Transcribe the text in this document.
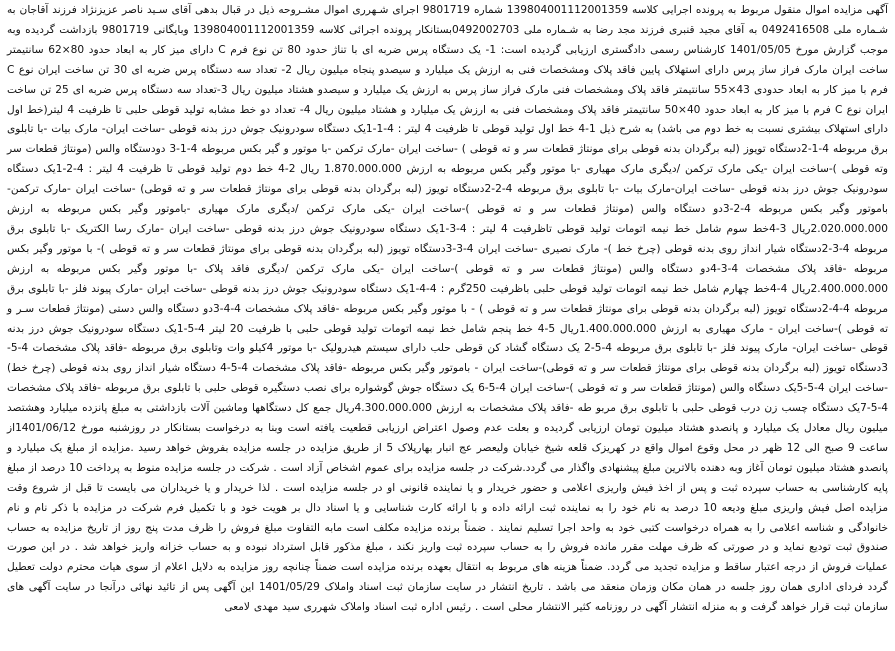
آگهی مزایده اموال منقول مربوط به پرونده اجرایی کلاسه 139804001112001359 شماره 9801719 اجرای شـهرری اموال مشـروحه ذیل در قبال بدهی آقای سـید ناصر عزیزنژاد فرزند آقاجان به شـماره ملی 0492416508 به آقای مجید قنبری فرزند مجد رضا به شـماره ملی 0492002703بستانکار پرونده اجرائی کلاسه 139804001112001359 وبایگانی 9801719 بازداشت گردیده وبه موجب گزارش مورخ 1401/05/05 کارشناس رسمی دادگستری ارزیابی گردیده است: 1- یک دستگاه پرس ضربه ای با تناژ حدود 80 تن نوع فرم C دارای میز کار به ابعاد حدود 80×62 سانتیمتر ساخت ایران مارک فراز ساز پرس دارای استهلاک پایین فاقد پلاک ومشخصات فنی به ارزش یک میلیارد و سیصدو پنجاه میلیون ریال 2- تعداد سه دستگاه پرس ضربه ای 30 تن ساخت ایران نوع C فرم با میز کار به ابعاد حدودی 43×55 سانتیمتر فاقد پلاک ومشخصات فنی مارک فراز ساز پرس به ارزش یک میلیارد و سیصدو هشتاد میلیون ریال 3-تعداد سه دستگاه پرس ضربه ای 25 تن ساخت ایران نوع C فرم با میز کار به ابعاد حدود 40×50 سانتیمتر فاقد پلاک ومشخصات فنی به ارزش یک میلیارد و هشتاد میلیون ریال 4- تعداد دو خط مشابه تولید قوطی حلبی تا ظرفیت 4 لیتر(خط اول دارای استهلاک بیشتری نسبت به خط دوم می باشد) به شرح ذیل 1-4 خط اول تولید قوطی تا ظرفیت 4 لیتر : 4-1-1یک دستگاه سودرونیک جوش درز بدنه قوطی -ساخت ایران- مارک بیات -با تابلوی برق مربوطه 4-1-2دستگاه تویوز (لبه برگردان بدنه قوطی برای مونتاژ قطعات سر و ته قوطی ) -ساخت ایران -مارک ترکمن -با موتور و گیر بکس مربوطه 4-1-3 دودستگاه والس (مونتاژ قطعات سر وته قوطی )-ساخت ایران -یکی مارک ترکمن /دیگری مارک مهیاری -با موتور وگیر بکس مربوطه به ارزش 1.870.000.000 ریال 2-4 خط دوم تولید قوطی تا ظرفیت 4 لیتر : 4-2-1یک دستگاه سودرونیک جوش درز بدنه قوطی -ساخت ایران-مارک بیات -با تابلوی برق مربوطه 4-2-2دستگاه تویوز (لبه برگردان بدنه قوطی برای مونتاژ قطعات سر و ته قوطی) -ساخت ایران -مارک ترکمن- باموتور وگیر بکس مربوطه 4-2-3دو دستگاه والس (مونتاژ قطعات سر و ته قوطی )-ساخت ایران -یکی مارک ترکمن /دیگری مارک مهیاری -باموتور وگیر بکس مربوطه به ارزش 2.020.000.000ریال 3-4خط سوم شامل خط نیمه اتومات تولید قوطی تاظرفیت 4 لیتر : 4-3-1یک دستگاه سودرونیک جوش درز بدنه قوطی -ساخت ایران -مارک رسا الکتریک -با تابلوی برق مربوطه 4-3-2دستگاه شیار انداز روی بدنه قوطی (چرخ خط )- مارک نصیری -ساخت ایران 4-3-3دستگاه تویوز (لبه برگردان بدنه قوطی برای مونتاژ قطعات سر و ته قوطی )- با موتور وگیر بکس مربوطه -فاقد پلاک مشخصات 4-3-4دو دستگاه والس (مونتاژ قطعات سر و ته قوطی )-ساخت ایران -یکی مارک ترکمن /دیگری فاقد پلاک -با موتور وگیر بکس مربوطه به ارزش 2.400.000.000ریال 4-4خط چهارم شامل خط نیمه اتومات تولید قوطی حلبی باظرفیت 250گرم : 4-4-1یک دستگاه سودرونیک جوش درز بدنه قوطی -ساخت ایران -مارک پیوند فلز -با تابلوی برق مربوطه 4-4-2دستگاه تویوز (لبه برگردان بدنه قوطی برای مونتاژ قطعات سر و ته قوطی ) - با موتور وگیر بکس مربوطه -فاقد پلاک مشخصات 4-4-3دو دستگاه والس دستی (مونتاژ قطعات سـر و ته قوطی )-ساخت ایران - مارک مهیاری به ارزش 1.400.000.000ریال 5-4 خط پنجم شامل خط نیمه اتومات تولید قوطی حلبی با ظرفیت 20 لیتر 4-5-1یک دستگاه سودرونیک جوش درز بدنه قوطی -ساخت ایران- مارک پیوند فلز -با تابلوی برق مربوطه 4-5-2 یک دستگاه گشاد کن قوطی حلب دارای سیستم هیدرولیک -با موتور 4کیلو وات وتابلوی برق مربوطه -فاقد پلاک مشخصات 4-5-3دستگاه تویوز (لبه برگردان بدنه قوطی برای مونتاژ قطعات سر و ته قوطی)-ساخت ایران - باموتور وگیر بکس مربوطه -فاقد پلاک مشخصات 4-5-4 دستگاه شیار انداز روی بدنه قوطی (چرخ خط) -ساخت ایران 4-5-5یک دستگاه والس (مونتاژ قطعات سر و ته قوطی )-ساخت ایران 4-5-6 یک دستگاه جوش گوشواره برای نصب دستگیره قوطی حلبی با تابلوی برق مربوطه -فاقد پلاک مشخصات 4-5-7یک دستگاه چسب زن درب قوطی حلبی با تابلوی برق مربو طه -فاقد پلاک مشخصات به ارزش 4.300.000.000ریال جمع کل دستگاهها وماشین آلات بازداشتی به مبلغ پانزده میلیارد وهشتصد میلیون ریال معادل یک میلیارد و پانصدو هشتاد میلیون تومان ارزیابی گردیده و بعلت عدم وصول اعتراض ارزیابی قطعیت یافته است وبنا به درخواست بستانکار در روزشنبه مورخ 1401/06/12از ساعت 9 صبح الی 12 ظهر در محل وقوع اموال واقع در کهریزک قلعه شیخ خیابان ولیعصر عج انبار بهارپلاک 5 از طریق مزایده در جلسه مزایده بفروش خواهد رسید .مزایده از مبلغ یک میلیارد و پانصدو هشتاد میلیون تومان آغاز وبه دهنده بالاترین مبلغ پیشنهادی واگذار می گردد.شرکت در جلسه مزایده برای عموم اشخاص آزاد است . شرکت در جلسه مزایده منوط به پرداخت 10 درصد از مبلغ پایه کارشناسی به حساب سپرده ثبت و پس از اخذ فیش واریزی اعلامی و حضور خریدار و یا نماینده قانونی او در جلسه مزایده است . لذا خریدار و یا خریداران می بایست تا قبل از شروع وقت مزایده اصل فیش واریزی مبلغ ودیعه 10 درصد به نام خود را به نماینده ثبت ارائه داده و با ارائه کارت شناسایی و یا اسناد دال بر هویت خود و با تکمیل فرم شرکت در مزایده با ذکر نام و نام خانوادگی و شناسه اعلامی را به همراه درخواست کتبی خود به واحد اجرا تسلیم نمایند . ضمناً برنده مزایده مکلف است مابه التفاوت مبلغ فروش را ظرف مدت پنج روز از تاریخ مزایده به حساب صندوق ثبت تودیع نماید و در صورتی که ظرف مهلت مقرر مانده فروش را به حساب سپرده ثبت واریز نکند ، مبلغ مذکور قابل استرداد نبوده و به حساب خزانه واریز خواهد شد . در این صورت عملیات فروش از درجه اعتبار ساقط و مزایده تجدید می گردد. ضمناً هزینه های مربوط به انتقال بعهده برنده مزایده است ضمناً چنانچه روز مزایده به دلایل اعلام از سوی هیات محترم دولت تعطیل گردد فردای اداری همان روز جلسه در همان مکان وزمان منعقد می باشد . تاریخ انتشار در سایت سازمان ثبت اسناد واملاک 1401/05/29 این آگهی پس از تائید نهائی درآنجا در سایت آگهی های سازمان ثبت قرار خواهد گرفت و به منزله انتشار آگهی در روزنامه کثیر الانتشار محلی است . رئیس اداره ثبت اسناد واملاک شهرری سید مهدی لامعی
